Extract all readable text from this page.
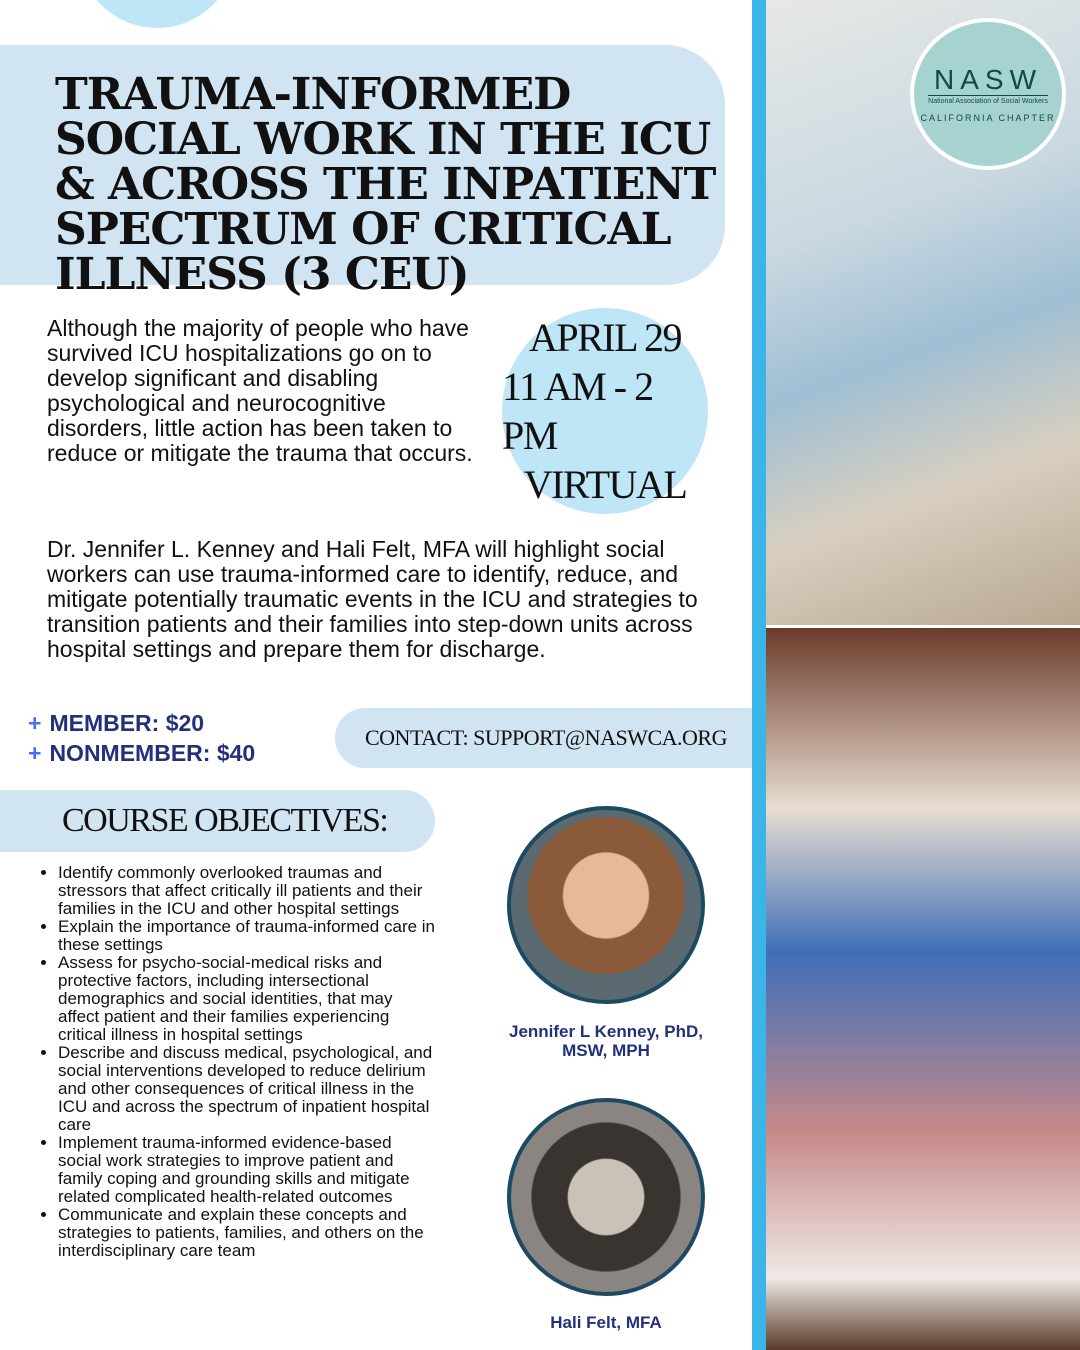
TRAUMA-INFORMED SOCIAL WORK IN THE ICU & ACROSS THE INPATIENT SPECTRUM OF CRITICAL ILLNESS (3 CEU)

Although the majority of people who have survived ICU hospitalizations go on to develop significant and disabling psychological and neurocognitive disorders, little action has been taken to reduce or mitigate the trauma that occurs.

APRIL 29
11 AM - 2 PM
VIRTUAL

Dr. Jennifer L. Kenney and Hali Felt, MFA will highlight social workers can use trauma-informed care to identify, reduce, and mitigate potentially traumatic events in the ICU and strategies to transition patients and their families into step-down units across hospital settings and prepare them for discharge.

+ MEMBER: $20
+ NONMEMBER: $40
CONTACT: SUPPORT@NASWCA.ORG
COURSE OBJECTIVES:
• Identify commonly overlooked traumas and stressors that affect critically ill patients and their families in the ICU and other hospital settings
• Explain the importance of trauma-informed care in these settings
• Assess for psycho-social-medical risks and protective factors, including intersectional demographics and social identities, that may affect patient and their families experiencing critical illness in hospital settings
• Describe and discuss medical, psychological, and social interventions developed to reduce delirium and other consequences of critical illness in the ICU and across the spectrum of inpatient hospital care
• Implement trauma-informed evidence-based social work strategies to improve patient and family coping and grounding skills and mitigate related complicated health-related outcomes
• Communicate and explain these concepts and strategies to patients, families, and others on the interdisciplinary care team
Jennifer L Kenney, PhD, MSW, MPH
Hali Felt, MFA
NASW
National Association of Social Workers
CALIFORNIA CHAPTER
